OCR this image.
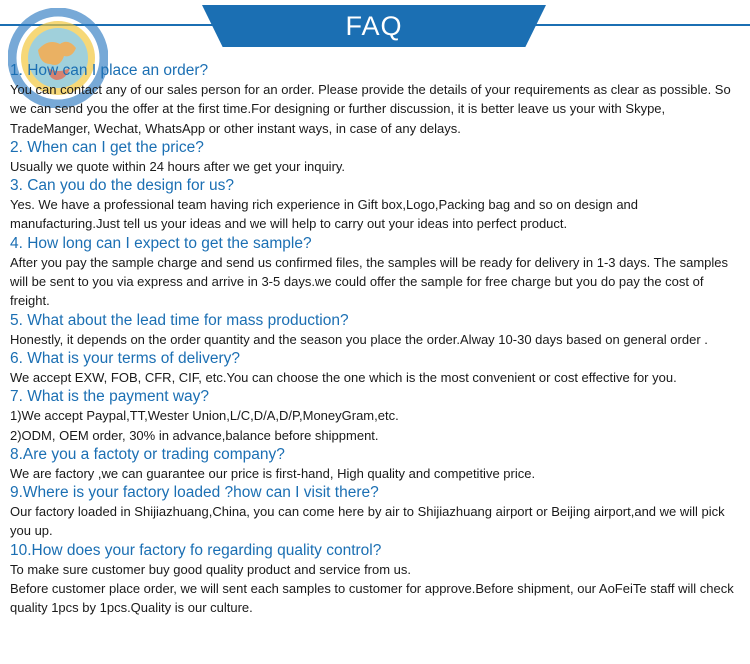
FAQ

1. How can I place an order?

You can contact any of our sales person for an order. Please provide the details of your requirements as clear as possible. So we can send you the offer at the first time.For designing or further discussion, it is better leave us your with Skype, TradeManger, Wechat, WhatsApp or other instant ways, in case of any delays.

2. When can I get the price?

Usually we quote within 24 hours after we get your inquiry.

3. Can you do the design for us?

Yes. We have a professional team having rich experience in Gift box,Logo,Packing bag and so on design and manufacturing.Just tell us your ideas and we will help to carry out your ideas into perfect product.

4. How long can I expect to get the sample?

After you pay the sample charge and send us confirmed files, the samples will be ready for delivery in 1-3 days. The samples will be sent to you via express and arrive in 3-5 days.we could offer the sample for free charge but you do pay the cost of freight.

5. What about the lead time for mass production?

Honestly, it depends on the order quantity and the season you place the order.Alway 10-30 days based on general order .

6. What is your terms of delivery?

We accept EXW, FOB, CFR, CIF, etc.You can choose the one which is the most convenient or cost effective for you.

7. What is the payment way?

1)We accept Paypal,TT,Wester Union,L/C,D/A,D/P,MoneyGram,etc.

2)ODM, OEM order, 30% in advance,balance before shippment.

8.Are you a factoty or trading company?

We are factory ,we can guarantee our price is first-hand, High quality and competitive price.

9.Where is your factory loaded ?how can I visit there?

Our factory loaded in Shijiazhuang,China, you can come here by air to Shijiazhuang airport or Beijing airport,and we will pick you up.

10.How does your factory fo regarding quality control?

To make sure customer buy good quality product and service from us.

Before customer place order, we will sent each samples to customer for approve.Before shipment, our AoFeiTe staff will check quality 1pcs by 1pcs.Quality is our culture.
